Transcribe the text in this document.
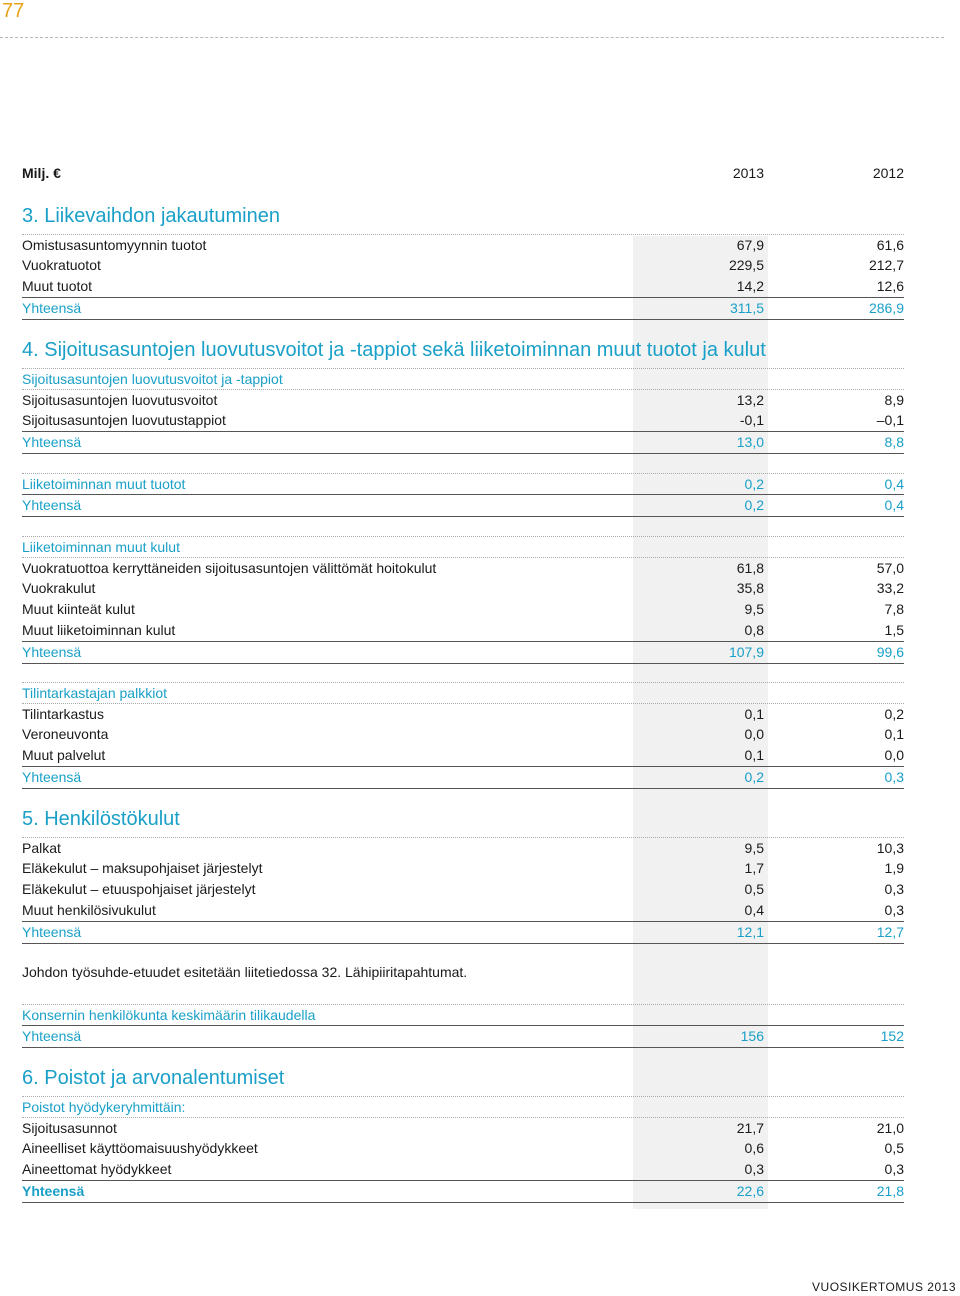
77
Milj. €	2013	2012
3. Liikevaihdon jakautuminen
Omistusasuntomyynnin tuotot	67,9	61,6
Vuokratuotot	229,5	212,7
Muut tuotot	14,2	12,6
Yhteensä	311,5	286,9
4. Sijoitusasuntojen luovutusvoitot ja -tappiot sekä liiketoiminnan muut tuotot ja kulut
Sijoitusasuntojen luovutusvoitot ja -tappiot
Sijoitusasuntojen luovutusvoitot	13,2	8,9
Sijoitusasuntojen luovutustappiot	-0,1	–0,1
Yhteensä	13,0	8,8
Liiketoiminnan muut tuotot	0,2	0,4
Yhteensä	0,2	0,4
Liiketoiminnan muut kulut
Vuokratuottoa kerryttäneiden sijoitusasuntojen välittömät hoitokulut	61,8	57,0
Vuokrakulut	35,8	33,2
Muut kiinteät kulut	9,5	7,8
Muut liiketoiminnan kulut	0,8	1,5
Yhteensä	107,9	99,6
Tilintarkastajan palkkiot
Tilintarkastus	0,1	0,2
Veroneuvonta	0,0	0,1
Muut palvelut	0,1	0,0
Yhteensä	0,2	0,3
5. Henkilöstökulut
Palkat	9,5	10,3
Eläkekulut – maksupohjaiset järjestelyt	1,7	1,9
Eläkekulut – etuuspohjaiset järjestelyt	0,5	0,3
Muut henkilösivukulut	0,4	0,3
Yhteensä	12,1	12,7
Johdon työsuhde-etuudet esitetään liitetiedossa 32. Lähipiiritapahtumat.
Konsernin henkilökunta keskimäärin tilikaudella
Yhteensä	156	152
6. Poistot ja arvonalentumiset
Poistot hyödykeryhmittäin:
Sijoitusasunnot	21,7	21,0
Aineelliset käyttöomaisuushyödykkeet	0,6	0,5
Aineettomat hyödykkeet	0,3	0,3
Yhteensä	22,6	21,8
VUOSIKERTOMUS 2013
